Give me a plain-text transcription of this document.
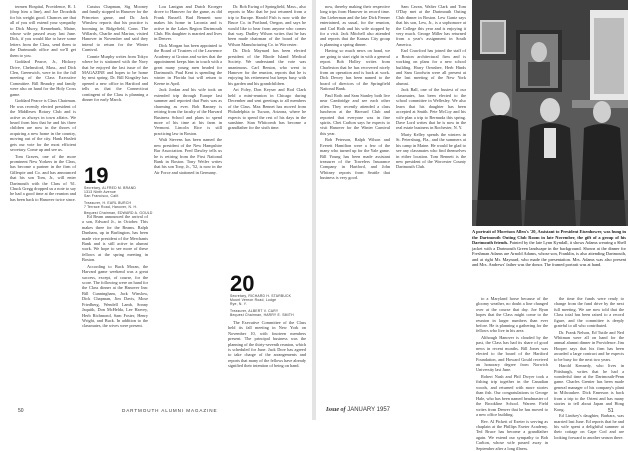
termen Hospital, Providence, R. I. (drop him a line), and Joe Drozdzik for his weight good. Chances are that all of you will extend your sympathy to Dick Murry, Kennebunk, Maine, whose wife passed away last June. Dick, if you would like to have some letters from the Class, send them to the Dartmouth office and we'll get them to you.

Goddard Pearce, Jr., Hickory Drive, Chelmsford, Mass., and Dick Clen, Greenwich, were in for the fall meeting of the Class Executive Committee. Bill Beaudry and family were also on hand for the Holy Cross game.

Goddard Pearce is Class Chairman. He was recently elected president of the Middlesex Rotary Club and is active as always in town affairs. We heard from him that he and his three children are now in the throes of acquiring a new home in the country, moving out of the city. Hank Haslett gets our vote for the most efficient secretary. Come up and see us.

Tom Graves, one of the more prominent New Yorkers in the Class, has become a partner in the firm of Gillespie and Co. and has announced that his son Tom, Jr., will enter Dartmouth with the Class of '61. Chuck Gregg dropped us a note to say he had a good time at the reunion and has been back to Hanover twice since.

Cassius Chapman, Sig Mooney and family stopped in Hanover for the Princeton game, and Dr. Jack Winslow reports that his practice is booming in Ridgefield, Conn. The Willards, Charlie and Marian, visited Hanover in November and said they intend to return for the Winter Carnival.

Connie Murphy writes from Tokyo where he is stationed with the Navy that he enjoyed the last issue of the MAGAZINE and hopes to be home by next spring. Dr. Bill Kingsley has opened a new office in Hartford and tells us that the Connecticut contingent of the Class is planning a dinner for early March.

19
Secretary, ALFRED M. BRAND
1313 Ninth Avenue
San Francisco, Calif.
Treasurer, H. EARL BURCH
7 Terrace Road, Hanover, N. H.
Bequest Chairman, EDWARD A. GOULD

Ed Beam announced the arrival of a son, Edward Jr., in October. This makes three for the Beams. Ralph Dunham, up in Burlington, has been made vice president of the Merchants Bank and is still active in alumni work. We hope to see more of these fellows at the spring meeting in Boston.

According to Buck Moran, the Harvard game weekend was a great success, except, of course, for the score. The following were on hand for the Class dinner at the Hanover Inn: Bill Cunningham, Jack Winslow, Dick Chapman, Jim Davis, Mose Friedberg, Wendell Lamb, Sonny Jaquith, Don McHelda, Lee Harvey, Herb Richmond, Sam Foster, Henry Wright, and Buck. In addition to the classmates, the wives were present.

Lou Lanigan and Dutch Kroeger drove to Hanover for the game, as did Frank Russell. Bud Bennett now makes his home in Laconia and is active in the Lakes Region Dartmouth Club. His daughter is married and lives in Denver.

Dick Morgan has been appointed to the Board of Trustees of the Lawrence Academy at Groton and writes that the appointment keeps him in touch with a great many young men headed for Dartmouth. Paul Kent is spending the winter in Florida but will return to Keene in April.

Jack Jordan and his wife took an extended trip through Europe last summer and reported that Paris was as charming as ever. Bob Ranney is retiring from the faculty of the Harvard Business School and plans to spend more of his time at his farm in Vermont. Lincoln Rice is still practicing law in Boston.

Walt Stevens has been named the new president of the New Hampshire Bar Association. Fred Dawley tells us he is retiring from the First National Bank in Boston. Tony Weiler writes that his son Tony, Jr., '52, is now in the Air Force and stationed in Germany.

Dr. Bob Ewing of Springfield, Mass., also reports to Mac that he just returned from a trip to Europe. Harold Fish is now with the Bruce Co. in Portland, Oregon, and says he would like to hear from anyone who comes that way. Dudley Wilson writes that he has been made chairman of the board of the Wilson Manufacturing Co. in Worcester.

Dr. Dick Maynard has been elected president of the Rhode Island Medical Society. We understand the vote was unanimous. Carl Benton, who went to Hanover for the reunion, reports that he is enjoying his retirement but keeps busy with his garden and his grandchildren.

Art Foley, Don Keyser and Rod Clark held a mini-reunion in Chicago during December and sent greetings to all members of the Class. Max Bennet has moved from Philadelphia to Tucson, Arizona, where he expects to spend the rest of his days in the sunshine. Stan Whitcomb has become a grandfather for the sixth time.

20
Secretary, RICHARD H. STARBUCK
Mount Vernon Road, Lodge
Rye, N. Y.
Treasurer, ALBERT V. CARY
Bequest Chairman, HARRY E. SMITH

The Executive Committee of the Class held its fall meeting in New York on November 10, with fourteen members present. The principal business was the planning of the thirty-seventh reunion, which is scheduled for June. Jack Dore has agreed to take charge of the arrangements and reports that many of the fellows have already signified their intention of being on hand.

50	DARTMOUTH ALUMNI MAGAZINE

now, thereby making their respective long trips from Hanover in record time. Jim Lieberman and the late Dick Fenner entertained, as usual, for the reunion, and Carl Roth and his wife stopped by for a visit. Jack Mitchell also attended and reports that the Kansas City group is planning a spring dinner.

Having so much news on hand, we are going to start right in with a general report. Bob Holley writes from Charleston that he has recovered nicely from an operation and is back at work. Dick Dewey has been named to the board of directors of the Springfield National Bank.

Paul Roth and Sam Stanley both live near Cambridge and see each other often. They recently attended a class luncheon at the Harvard Club and reported that everyone was in fine spirits. Chet Carlton says he expects to visit Hanover for the Winter Carnival this year.

Bob Peterson, Ralph Wilson and Everett Hamilton were a few of the many who turned up for the Yale game. Bill Young has been made assistant treasurer of the Travelers Insurance Company in Hartford, and John Whitney reports from Seattle that business is very good.

Sam Cavan, Walter Clark and Tom O'Day met at the Dartmouth Outing Club dinner in Boston. Lew Gantz says that his son, Lew, Jr., is a sophomore at the College this year and is enjoying it very much. George Miller has returned from a year's assignment in South America.

Earl Crawford has joined the staff of a Boston architectural firm and is working on plans for a new school building. Harry Ormsbee, Herb Hinds and Sam Goodwin were all present at the last meeting of the New York alumni.

Jack Ball, one of the busiest of our classmates, has been elected to the school committee in Wellesley. We also learn that his daughter has been accepted at Smith. Pete McCoy and his wife plan a trip to Bermuda this spring. Dave Lord writes that he is now in the real estate business in Rochester, N. Y.

Marty Kelley spends the winters in St. Petersburg, Fla., and the summers at his camp in Maine. He would be glad to see any classmates who find themselves in either location. Tom Bennett is the new president of the Worcester County Dartmouth Club.

A portrait of Morrison Allen's '20, Assistant to President Eisenhower, was hung in the Dartmouth Outing Club Room in late November, the gift of a group of his Dartmouth friends. Painted by the late Lynn Kyndall, it shows Adams wearing a Shell jacket with a Dartmouth Green landscape in the background. Shown at the dinner for Freshman Adams are Arnold Adams, whose son, Franklin, is also attending Dartmouth, and at right Mr. Maynard, who made the presentation. Mrs. Adams was also present and Mrs. Andrews' father was the donor. The framed portrait was at hand.

to a Maryland horse because of the gloomy weather, no doubt a line changed over at the course that day. Joe Ryan hopes that the Class might come to the reunion in larger numbers than ever before. He is planning a gathering for the fellows who live in his area.

Although Hanover is clouded by the past, the Class has had its share of good news in recent months. Bill Jones was elected to the board of the Hartford Foundation, and Howard Gould received an honorary degree from Norwich University last June.

Robert Nash and Phil Dwyer took a fishing trip together in the Canadian woods, and returned with more stories than fish. Our congratulations to George Hale, who has been named headmaster of the Brookline School. Warren Field writes from Denver that he has moved to a new office building.

Rev. Al Pickett of Exeter is serving as chaplain at the Phillips Exeter Academy. Ted Bruce has become a grandfather again. We extend our sympathy to Bob Carlton, whose wife passed away in September after a long illness.

the time the funds were ready to change from the fund drive by the next full meeting. We are now told that the Class total has been raised to a record figure, and the committee is deeply grateful to all who contributed.

Dr. Frank Nelson, Ed Tuttle and Ned Whitman were all on hand for the annual alumni dinner in Providence. Jim Hooper says that his firm has been awarded a large contract and he expects to be busy for the next two years.

Harold Kennedy, who lives in Pittsburgh, writes that he had a wonderful time at the Dartmouth-Penn game. Charles Grenier has been made general manager of his company's plant in Milwaukee. Dick Emerson is back from a trip to the Orient and has many stories to tell about Japan and Hong Kong.

Ed Lindsey's daughter, Barbara, was married last June. Ed reports that he and his wife spent a delightful summer at their cottage on Cape Cod and are looking forward to another season there.

Issue of JANUARY 1957	51
